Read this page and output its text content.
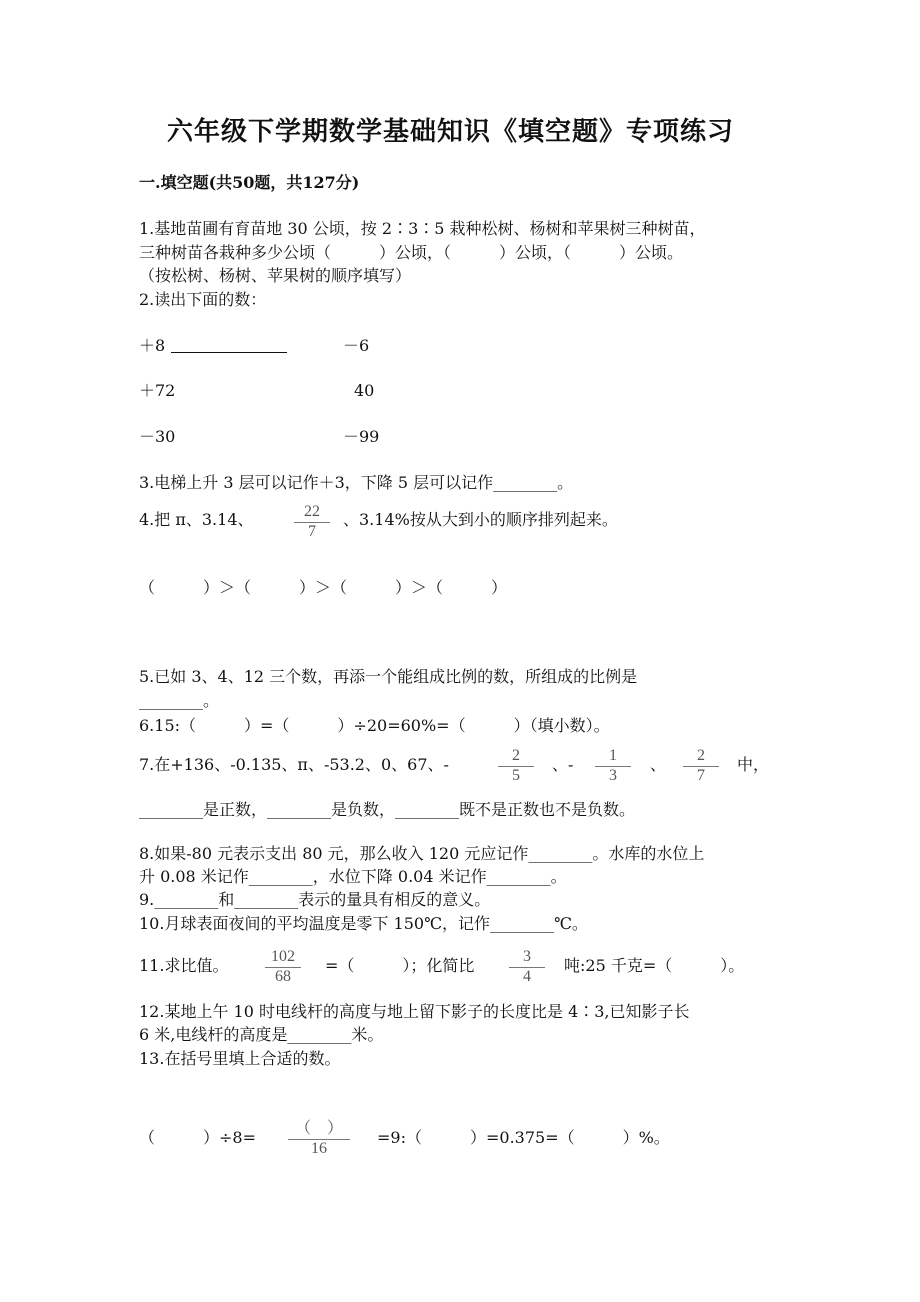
六年级下学期数学基础知识《填空题》专项练习
一.填空题(共50题，共127分)
1.基地苗圃有育苗地 30 公顷，按 2∶3∶5 栽种松树、杨树和苹果树三种树苗，
三种树苗各栽种多少公顷（　　　）公顷，（　　　）公顷，（　　　）公顷。
（按松树、杨树、苹果树的顺序填写）
2.读出下面的数：
＋8	－6
＋72	40
－30	－99
3.电梯上升 3 层可以记作＋3，下降 5 层可以记作________。
4.把 π、3.14、	$\frac{22}{7}$ 、3.14%按从大到小的顺序排列起来。
（　　　）＞（　　　）＞（　　　）＞（　　　）
5.已如 3、4、12 三个数，再添一个能组成比例的数，所组成的比例是
________。
6.15:（　　　）=（　　　）÷20=60%=（　　　）（填小数）。
7.在+136、-0.135、π、-53.2、0、67、-	$\frac{2}{5}$ 、- $\frac{1}{3}$ 、 $\frac{2}{7}$ 中，
________是正数，________是负数，________既不是正数也不是负数。
8.如果-80 元表示支出 80 元，那么收入 120 元应记作________。水库的水位上
升 0.08 米记作________，水位下降 0.04 米记作________。
9.________和________表示的量具有相反的意义。
10.月球表面夜间的平均温度是零下 150℃，记作________℃。
11.求比值。 $\frac{102}{68}$ =（　　　）；化简比 $\frac{3}{4}$ 吨:25 千克=（　　　）。
12.某地上午 10 时电线杆的高度与地上留下影子的长度比是 4∶3,已知影子长
6 米,电线杆的高度是________米。
13.在括号里填上合适的数。
（　　　）÷8=	（　）
16
=9:（　　　）=0.375=（　　　）%。
